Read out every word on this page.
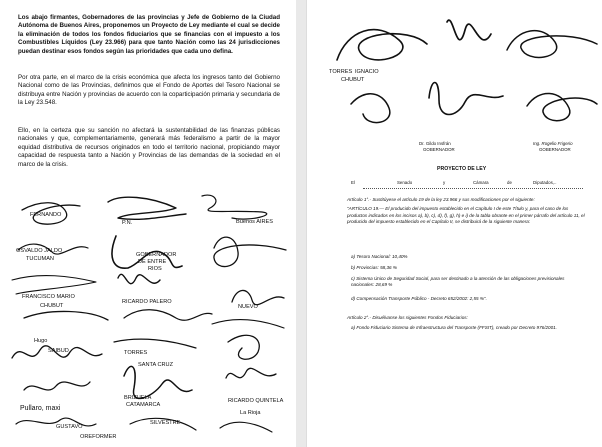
Los abajo firmantes, Gobernadores de las provincias y Jefe de Gobierno de la Ciudad Autónoma de Buenos Aires, proponemos un Proyecto de Ley mediante el cual se decide la eliminación de todos los fondos fiduciarios que se financias con el impuesto a los Combustibles Líquidos (Ley 23.966) para que tanto Nación como las 24 jurisdicciones puedan destinar esos fondos según las prioridades que cada uno defina.

Por otra parte, en el marco de la crisis económica que afecta los ingresos tanto del Gobierno Nacional como de las Provincias, definimos que el Fondo de Aportes del Tesoro Nacional se distribuya entre Nación y provincias de acuerdo con la coparticipación primaria y secundaria de la Ley 23.548.

Ello, en la certeza que su sanción no afectará la sustentabilidad de las finanzas públicas nacionales y que, complementariamente, generará más federalismo a partir de la mayor equidad distributiva de recursos originados en todo el territorio nacional, propiciando mayor capacidad de respuesta tanto a Nación y Provincias de las demandas de la sociedad en el marco de la crisis.

FERNANDO
Buenos AIRES
P.N.
OSVALDO JALDO
TUCUMAN
GOBERNADOR
DE ENTRE
RIOS
RICARDO PALERO
FRANCISCO MARIO
CHUBUT	NUEVO
Pullaro, maxi
SANTA CRUZ
TORRES
BRIZUELA
CATAMARCA
SILVESTRE
RICARDO QUINTELA
La Rioja
Hugo
SAIBUD
GUSTAVO
OREFORMER
TORRES IGNACIO
CHUBUT
Dr. Gildo Insfrán
GOBERNADOR
Ing. Rogelio Frigerio
GOBERNADOR
PROYECTO DE LEY
El	Senado	y	Cámara	de	Diputados,..
Artículo 1°.- Sustitúyese el artículo 19 de la ley 23.966 y sus modificaciones por el siguiente:
"ARTÍCULO 19.— El producido del impuesto establecido en el Capítulo I de este Título y, para el caso de los productos indicados en los incisos a), b), c), d), f), g), h) e i) de la tabla obrante en el primer párrafo del artículo 11, el producido del impuesto establecido en el Capítulo II, se distribuirá de la siguiente manera:
a) Tesoro Nacional: 10,40%
b) Provincias: 58,36 %
c) Sistema Único de Seguridad Social, para ser destinado a la atención de las obligaciones previsionales nacionales: 28,69 %
d) Compensación Transporte Público - Decreto 652/2002: 2,55 %".
Artículo 2°.- Disuélvanse los siguientes Fondos Fiduciarios:
a) Fondo Fiduciario Sistema de Infraestructura del Transporte (FFSIT), creado por Decreto 976/2001.
